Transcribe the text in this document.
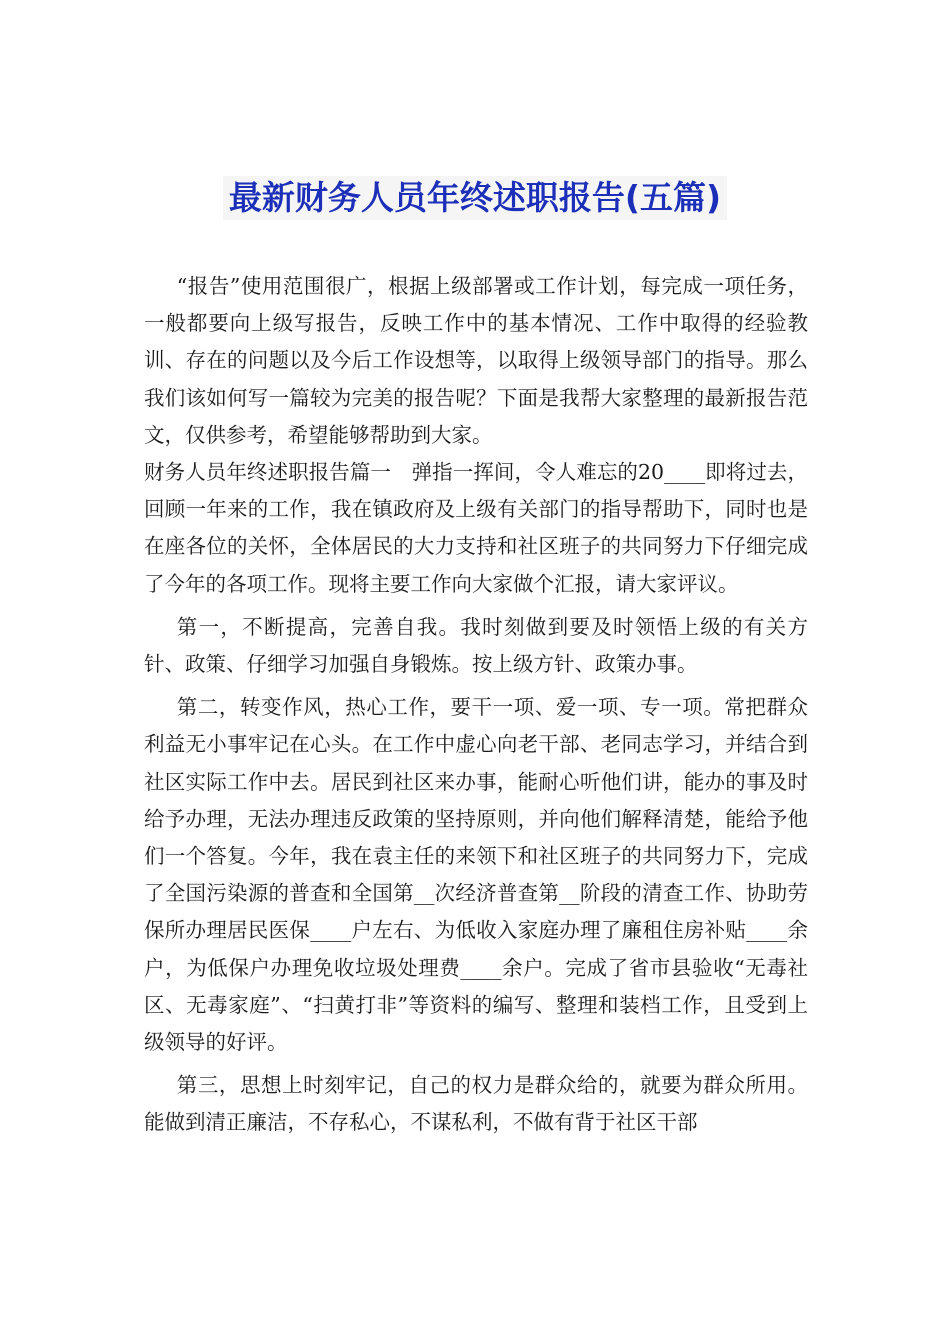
最新财务人员年终述职报告(五篇)

“报告”使用范围很广，根据上级部署或工作计划，每完成一项任务，一般都要向上级写报告，反映工作中的基本情况、工作中取得的经验教训、存在的问题以及今后工作设想等，以取得上级领导部门的指导。那么我们该如何写一篇较为完美的报告呢？下面是我帮大家整理的最新报告范文，仅供参考，希望能够帮助到大家。

财务人员年终述职报告篇一　弹指一挥间，令人难忘的20____即将过去，回顾一年来的工作，我在镇政府及上级有关部门的指导帮助下，同时也是在座各位的关怀，全体居民的大力支持和社区班子的共同努力下仔细完成了今年的各项工作。现将主要工作向大家做个汇报，请大家评议。

第一，不断提高，完善自我。我时刻做到要及时领悟上级的有关方针、政策、仔细学习加强自身锻炼。按上级方针、政策办事。

第二，转变作风，热心工作，要干一项、爱一项、专一项。常把群众利益无小事牢记在心头。在工作中虚心向老干部、老同志学习，并结合到社区实际工作中去。居民到社区来办事，能耐心听他们讲，能办的事及时给予办理，无法办理违反政策的坚持原则，并向他们解释清楚，能给予他们一个答复。今年，我在袁主任的来领下和社区班子的共同努力下，完成了全国污染源的普查和全国第__次经济普查第__阶段的清查工作、协助劳保所办理居民医保____户左右、为低收入家庭办理了廉租住房补贴____余户，为低保户办理免收垃圾处理费____余户。完成了省市县验收“无毒社区、无毒家庭”、“扫黄打非”等资料的编写、整理和装档工作，且受到上级领导的好评。

第三，思想上时刻牢记，自己的权力是群众给的，就要为群众所用。能做到清正廉洁，不存私心，不谋私利，不做有背于社区干部
